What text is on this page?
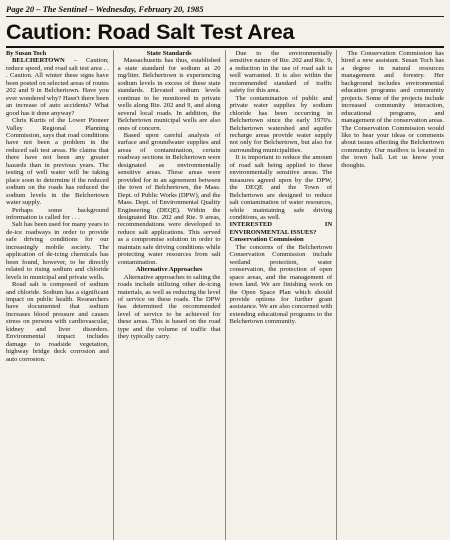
Page 20 – The Sentinel – Wednesday, February 20, 1985
Caution: Road Salt Test Area

By Susan Toch

BELCHERTOWN – Caution; reduce speed, end road salt test area . . . Caution. All winter these signs have been posted on selected areas of routes 202 and 9 in Belchertown. Have you ever wondered why? Hasn't there been an increase of auto accidents? What good has it done anyway?

Chris Kurtis of the Lower Pioneer Valley Regional Planning Commission, says that road conditions have not been a problem in the reduced salt test areas. He claims that there have not been any greater hazards than in previous years. The testing of well water will be taking place soon to determine if the reduced sodium on the roads has reduced the sodium levels in the Belchertown water supply.

Perhaps some background information is called for . . .

Salt has been used for many years to de-ice roadways in order to provide safe driving conditions for our increasingly mobile society. The application of de-icing chemicals has been found, however, to be directly related to rising sodium and chloride levels in municipal and private wells.

Road salt is composed of sodium and chloride. Sodium has a significant impact on public health. Researchers have documented that sodium increases blood pressure and causes stress on persons with cardiovascular, kidney and liver disorders. Environmental impact includes damage to roadside vegetation, highway bridge deck corrosion and auto corrosion.

State Standards

Massachusetts has thus, established a state standard for sodium at 20 mg/liter. Belchertown is experiencing sodium levels in excess of these state standards. Elevated sodium levels continue to be monitored in private wells along Rte. 202 and 9, and along several local roads. In addition, the Belchertown municipal wells are also ones of concern.

Based upon careful analysis of surface and groundwater supplies and areas of contamination, certain roadway sections in Belchertown were designated as environmentally sensitive areas. These areas were provided for in an agreement between the town of Belchertown, the Mass. Dept. of Public Works (DPW), and the Mass. Dept. of Environmental Quality Engineering (DEQE). Within the designated Rte. 202 and Rte. 9 areas, recommendations were developed to reduce salt applications. This served as a compromise solution in order to maintain safe driving conditions while protecting water resources from salt contamination.

Alternative Approaches

Alternative approaches to salting the roads include utilizing other de-icing materials, as well as reducing the level of service on these roads. The DPW has determined the recommended level of service to be achieved for these areas. This is based on the road type and the volume of traffic that they typically carry.

Due to the environmentally sensitive nature of Rte. 202 and Rte. 9, a reduction in the use of road salt is well warranted. It is also within the recommended standard of traffic safety for this area.

The contamination of public and private water supplies by sodium chloride has been occurring in Belchertown since the early 1970's. Belchertown watershed and aquifer recharge areas provide water supply not only for Belchertown, but also for surrounding municipalities.

It is important to reduce the amount of road salt being applied to these environmentally sensitive areas. The measures agreed upon by the DPW, the DEQE and the Town of Belchertown are designed to reduce salt contamination of water resources, while maintaining safe driving conditions, as well.

INTERESTED IN ENVIRONMENTAL ISSUES?

Conservation Commission

The concerns of the Belchertown Conservation Commission include wetland protection, water conservation, the protection of open space areas, and the management of town land. We are finishing work on the Open Space Plan which should provide options for further grant assistance. We are also concerned with extending educational programs to the Belchertown community.

The Conservation Commission has hired a new assistant. Susan Toch has a degree in natural resources management and forestry. Her background includes environmental education programs and community projects. Some of the projects include increased community interaction, educational programs, and management of the conservation areas. The Conservation Commission would like to hear your ideas or comments about issues affecting the Belchertown community. Our mailbox is located in the town hall. Let us know your thoughts.
